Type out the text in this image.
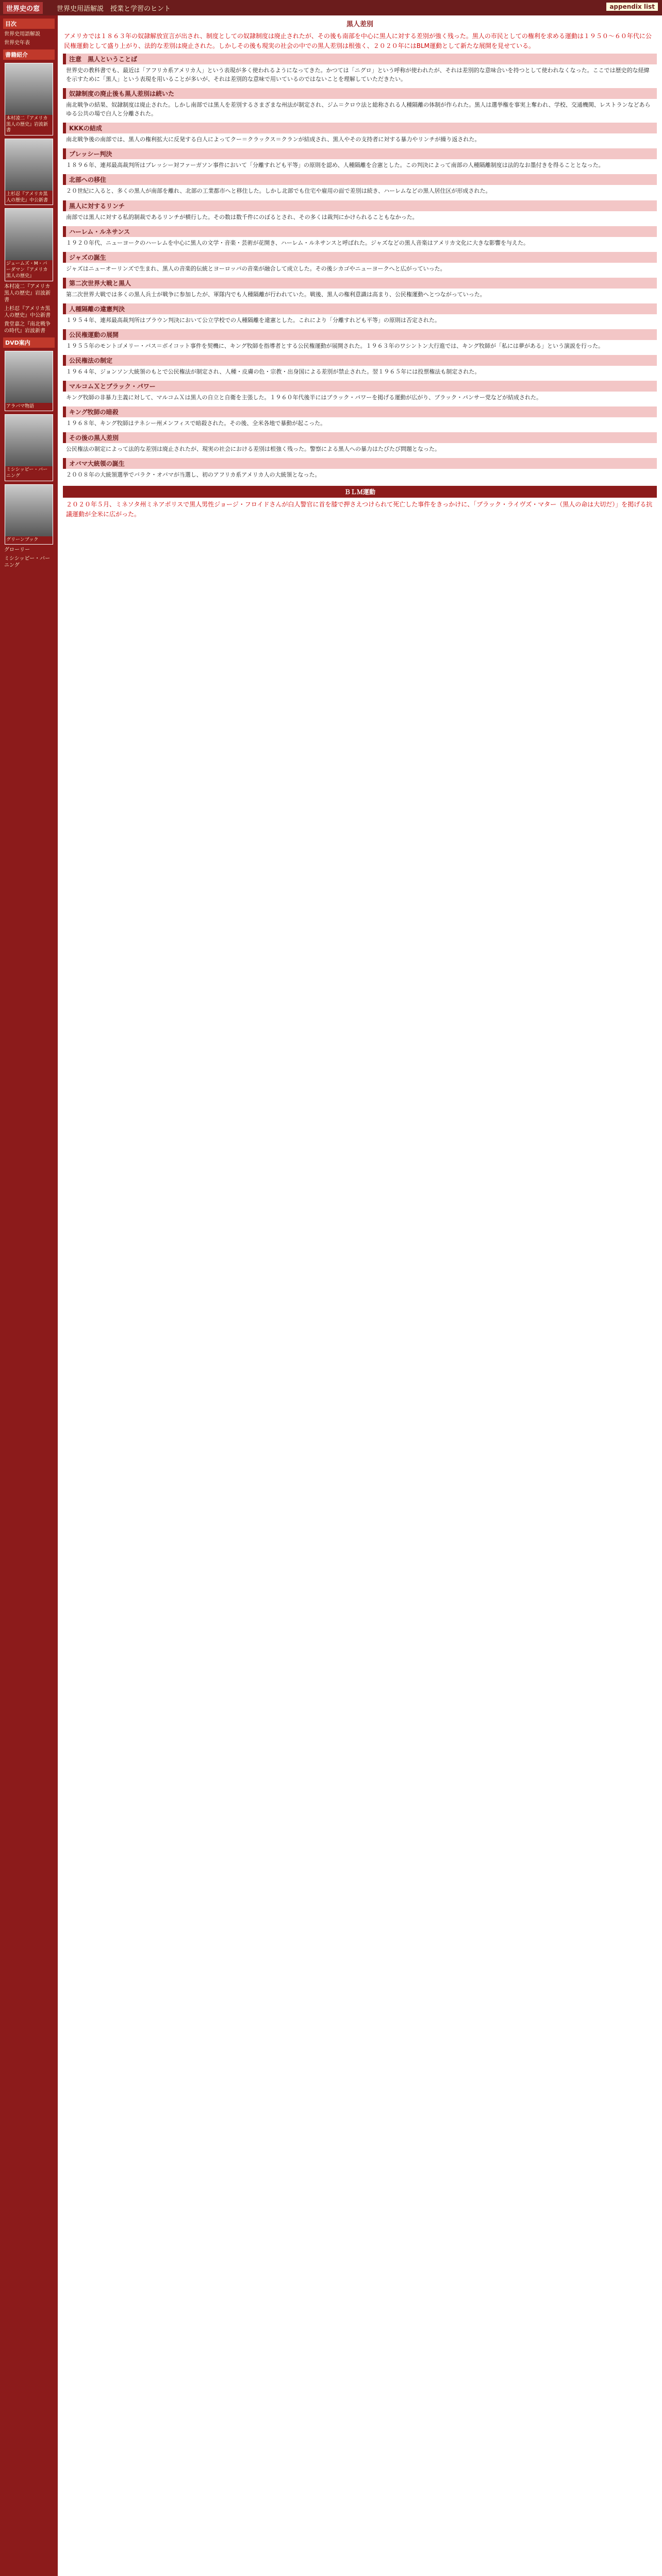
世界史の窓	世界史用語解説　授業と学習のヒント	appendix list
目次
世界史用語解説
世界史年表
書籍紹介
本村凌二『アメリカ黒人の歴史』岩波新書
上杉忍『アメリカ黒人の歴史』中公新書
ジェームズ・M・バーダマン『アメリカ黒人の歴史』
本村凌二『アメリカ黒人の歴史』岩波新書
上杉忍『アメリカ黒人の歴史』中公新書
貴堂嘉之『南北戦争の時代』岩波新書
DVD案内
アラバマ物語
ミシシッピー・バーニング
グリーンブック
グローリー
ミシシッピー・バーニング
黒人差別
アメリカでは１８６３年の奴隷解放宣言が出され、制度としての奴隷制度は廃止されたが、その後も南部を中心に黒人に対する差別が強く残った。黒人の市民としての権利を求める運動は１９５０〜６０年代に公民権運動として盛り上がり、法的な差別は廃止された。しかしその後も現実の社会の中での黒人差別は根強く、２０２０年にはBLM運動として新たな展開を見せている。
注意　黒人ということば
世界史の教科書でも、最近は「アフリカ系アメリカ人」という表現が多く使われるようになってきた。かつては「ニグロ」という呼称が使われたが、それは差別的な意味合いを持つとして使われなくなった。ここでは歴史的な経緯を示すために「黒人」という表現を用いることが多いが、それは差別的な意味で用いているのではないことを理解していただきたい。
奴隷制度の廃止後も黒人差別は続いた
南北戦争の結果、奴隷制度は廃止された。しかし南部では黒人を差別するさまざまな州法が制定され、ジム＝クロウ法と総称される人種隔離の体制が作られた。黒人は選挙権を事実上奪われ、学校、交通機関、レストランなどあらゆる公共の場で白人と分離された。
KKKの結成
南北戦争後の南部では、黒人の権利拡大に反発する白人によってクー＝クラックス＝クランが結成され、黒人やその支持者に対する暴力やリンチが繰り返された。
プレッシー判決
１８９６年、連邦最高裁判所はプレッシー対ファーガソン事件において「分離すれども平等」の原則を認め、人種隔離を合憲とした。この判決によって南部の人種隔離制度は法的なお墨付きを得ることとなった。
北部への移住
２０世紀に入ると、多くの黒人が南部を離れ、北部の工業都市へと移住した。しかし北部でも住宅や雇用の面で差別は続き、ハーレムなどの黒人居住区が形成された。
黒人に対するリンチ
南部では黒人に対する私的制裁であるリンチが横行した。その数は数千件にのぼるとされ、その多くは裁判にかけられることもなかった。
ハーレム・ルネサンス
１９２０年代、ニューヨークのハーレムを中心に黒人の文学・音楽・芸術が花開き、ハーレム・ルネサンスと呼ばれた。ジャズなどの黒人音楽はアメリカ文化に大きな影響を与えた。
ジャズの誕生
ジャズはニューオーリンズで生まれ、黒人の音楽的伝統とヨーロッパの音楽が融合して成立した。その後シカゴやニューヨークへと広がっていった。
第二次世界大戦と黒人
第二次世界大戦では多くの黒人兵士が戦争に参加したが、軍隊内でも人種隔離が行われていた。戦後、黒人の権利意識は高まり、公民権運動へとつながっていった。
人種隔離の違憲判決
１９５４年、連邦最高裁判所はブラウン判決において公立学校での人種隔離を違憲とした。これにより「分離すれども平等」の原則は否定された。
公民権運動の展開
１９５５年のモントゴメリー・バス＝ボイコット事件を契機に、キング牧師を指導者とする公民権運動が展開された。１９６３年のワシントン大行進では、キング牧師が「私には夢がある」という演説を行った。
公民権法の制定
１９６４年、ジョンソン大統領のもとで公民権法が制定され、人種・皮膚の色・宗教・出身国による差別が禁止された。翌１９６５年には投票権法も制定された。
マルコムＸとブラック・パワー
キング牧師の非暴力主義に対して、マルコムＸは黒人の自立と自衛を主張した。１９６０年代後半にはブラック・パワーを掲げる運動が広がり、ブラック・パンサー党などが結成された。
キング牧師の暗殺
１９６８年、キング牧師はテネシー州メンフィスで暗殺された。その後、全米各地で暴動が起こった。
その後の黒人差別
公民権法の制定によって法的な差別は廃止されたが、現実の社会における差別は根強く残った。警察による黒人への暴力はたびたび問題となった。
オバマ大統領の誕生
２００８年の大統領選挙でバラク・オバマが当選し、初のアフリカ系アメリカ人の大統領となった。
ＢＬＭ運動
２０２０年５月、ミネソタ州ミネアポリスで黒人男性ジョージ・フロイドさんが白人警官に首を膝で押さえつけられて死亡した事件をきっかけに、「ブラック・ライヴズ・マター（黒人の命は大切だ）」を掲げる抗議運動が全米に広がった。
